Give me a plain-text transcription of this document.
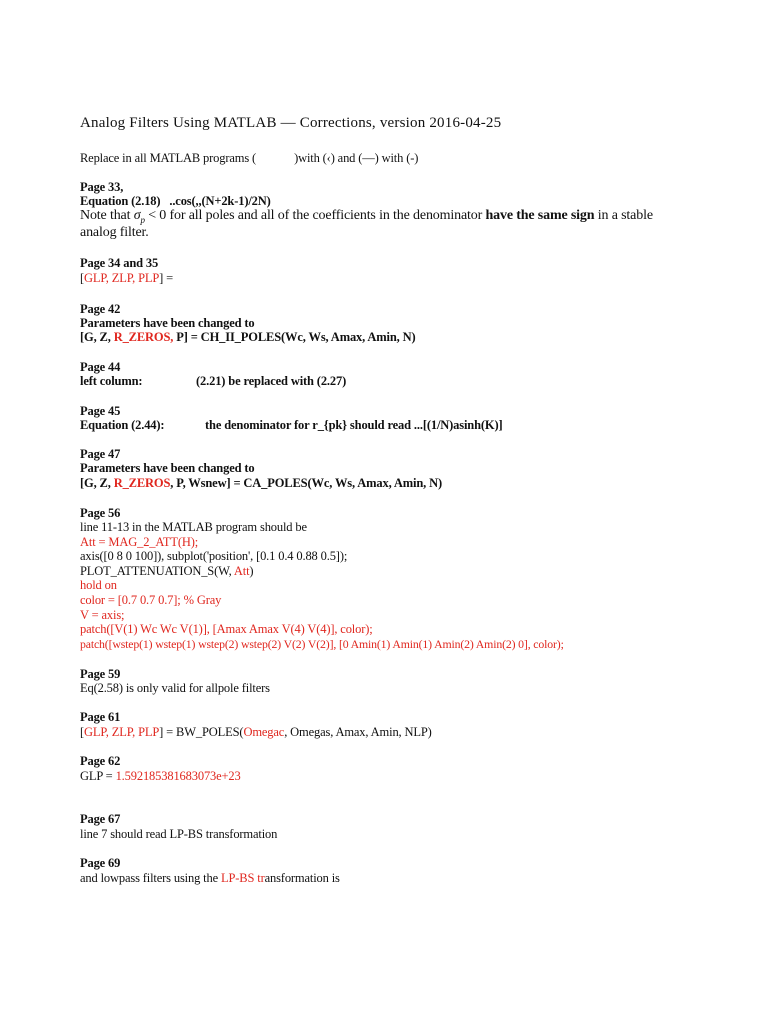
Analog Filters Using MATLAB — Corrections, version 2016-04-25
Replace in all MATLAB programs (	)with (‹) and (—) with (-)
Page 33,
Equation (2.18) ..cos(,,(N+2k-1)/2N)
Note that $\sigma_p < 0$ for all poles and all of the coefficients in the denominator have the same sign in a stable
analog filter.
Page 34 and 35
[GLP, ZLP, PLP] =
Page 42
Parameters have been changed to
[G, Z, R_ZEROS, P] = CH_II_POLES(Wc, Ws, Amax, Amin, N)
Page 44
left column:	(2.21) be replaced with (2.27)
Page 45
Equation (2.44):	the denominator for r_{pk} should read ...[(1/N)asinh(K)]
Page 47
Parameters have been changed to
[G, Z, R_ZEROS, P, Wsnew] = CA_POLES(Wc, Ws, Amax, Amin, N)
Page 56
line 11-13 in the MATLAB program should be
Att = MAG_2_ATT(H);
axis([0 8 0 100]), subplot('position', [0.1 0.4 0.88 0.5]);
PLOT_ATTENUATION_S(W, Att)
hold on
color = [0.7 0.7 0.7]; % Gray
V = axis;
patch([V(1) Wc Wc V(1)], [Amax Amax V(4) V(4)], color);
patch([wstep(1) wstep(1) wstep(2) wstep(2) V(2) V(2)], [0 Amin(1) Amin(1) Amin(2) Amin(2) 0], color);
Page 59
Eq(2.58) is only valid for allpole filters
Page 61
[GLP, ZLP, PLP] = BW_POLES(Omegac, Omegas, Amax, Amin, NLP)
Page 62
GLP = 1.592185381683073e+23
Page 67
line 7 should read LP-BS transformation
Page 69
and lowpass filters using the LP-BS transformation is
